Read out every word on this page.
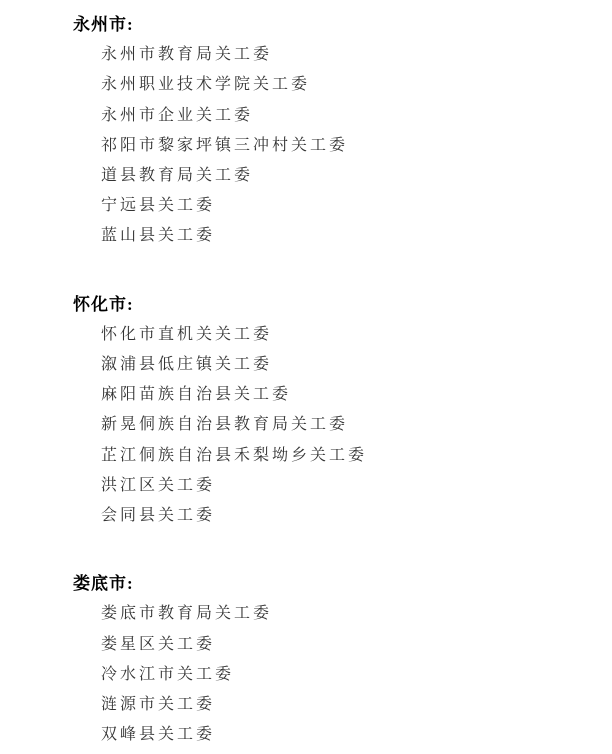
永州市:
永州市教育局关工委
永州职业技术学院关工委
永州市企业关工委
祁阳市黎家坪镇三冲村关工委
道县教育局关工委
宁远县关工委
蓝山县关工委
怀化市:
怀化市直机关关工委
溆浦县低庄镇关工委
麻阳苗族自治县关工委
新晃侗族自治县教育局关工委
芷江侗族自治县禾梨坳乡关工委
洪江区关工委
会同县关工委
娄底市:
娄底市教育局关工委
娄星区关工委
冷水江市关工委
涟源市关工委
双峰县关工委
